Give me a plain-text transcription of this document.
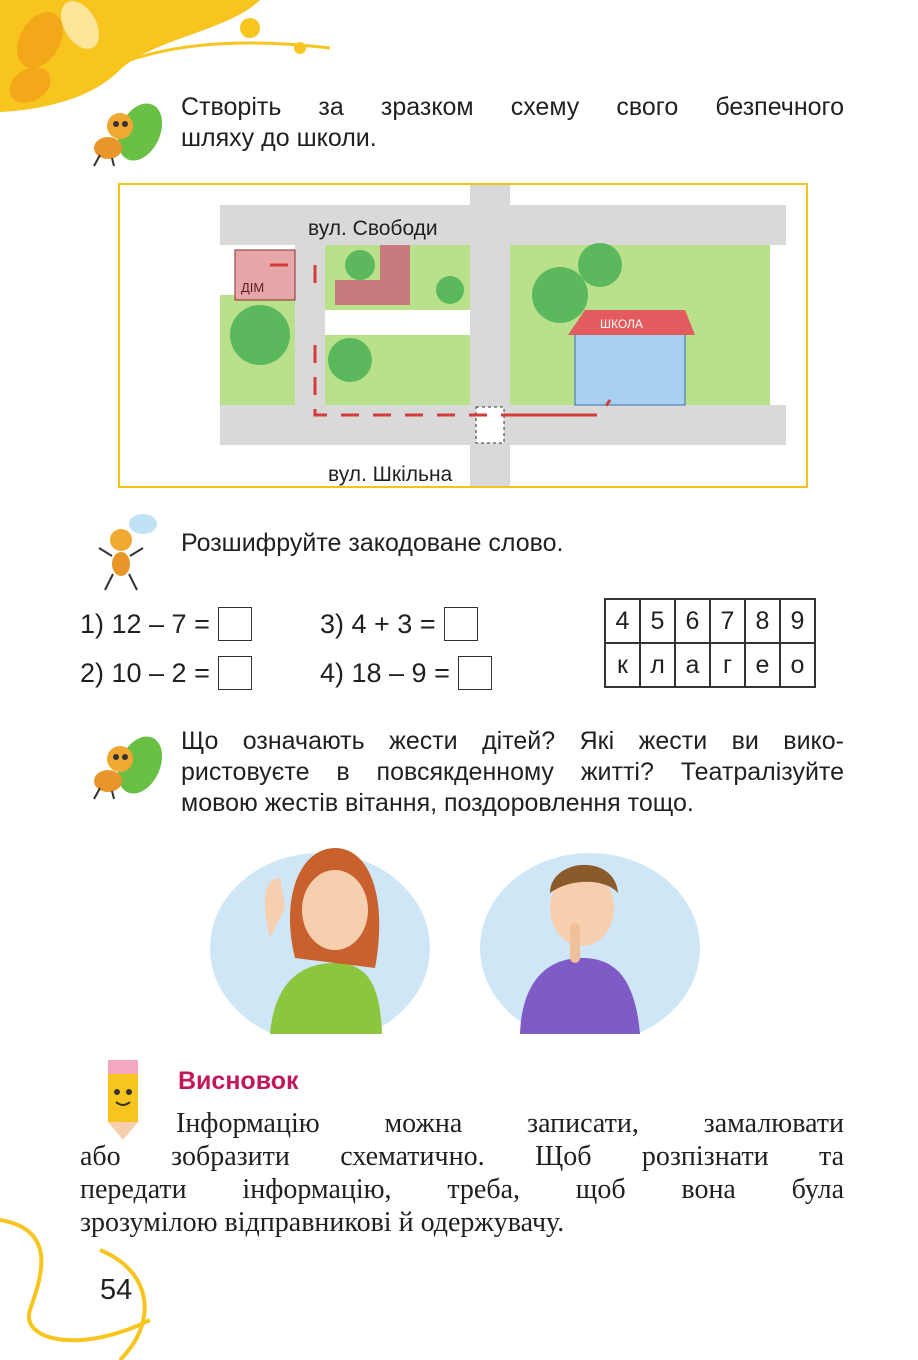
Створіть за зразком схему свого безпечного
шляху до школи.
ДІМ
ШКОЛА
вул. Свободи
вул. Шкільна
Розшифруйте закодоване слово.
1) 12 – 7 =	3) 4 + 3 =
2) 10 – 2 =	4) 18 – 9 =
4	5	6	7	8	9
к	л	а	г	е	о
Що означають жести дітей? Які жести ви вико-
ристовуєте в повсякденному житті? Театралізуйте
мовою жестів вітання, поздоровлення тощо.
Висновок
Інформацію можна записати, замалювати
або зобразити схематично. Щоб розпізнати та
передати інформацію, треба, щоб вона була
зрозумілою відправникові й одержувачу.
54
